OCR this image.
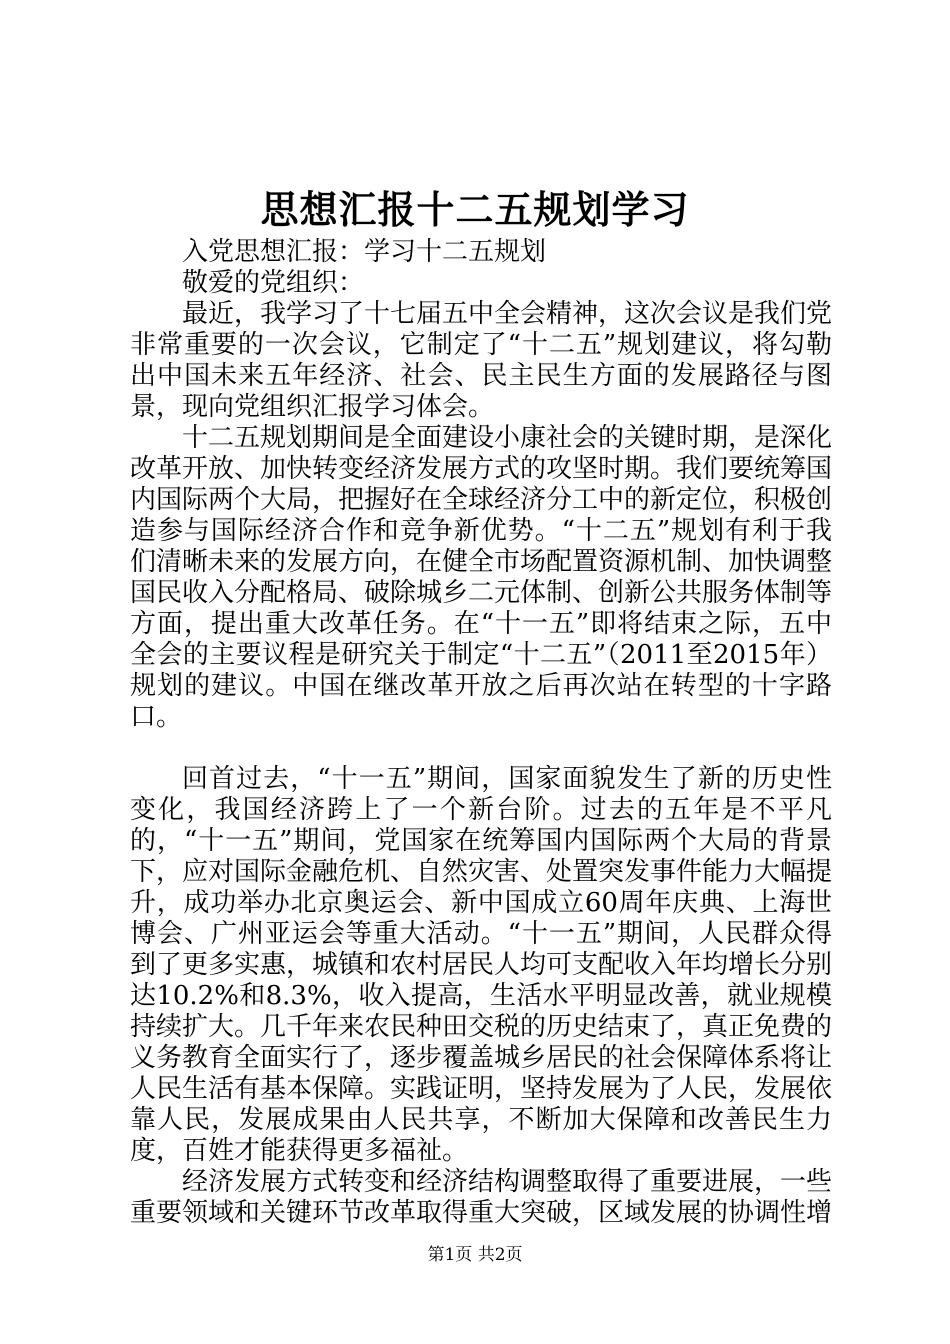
思想汇报十二五规划学习

入党思想汇报：学习十二五规划

敬爱的党组织：

最近，我学习了十七届五中全会精神，这次会议是我们党非常重要的一次会议，它制定了“十二五”规划建议，将勾勒出中国未来五年经济、社会、民主民生方面的发展路径与图景，现向党组织汇报学习体会。

十二五规划期间是全面建设小康社会的关键时期，是深化改革开放、加快转变经济发展方式的攻坚时期。我们要统筹国内国际两个大局，把握好在全球经济分工中的新定位，积极创造参与国际经济合作和竞争新优势。“十二五”规划有利于我们清晰未来的发展方向，在健全市场配置资源机制、加快调整国民收入分配格局、破除城乡二元体制、创新公共服务体制等方面，提出重大改革任务。在“十一五”即将结束之际，五中全会的主要议程是研究关于制定“十二五”（2011至2015年）规划的建议。中国在继改革开放之后再次站在转型的十字路口。

回首过去，“十一五”期间，国家面貌发生了新的历史性变化，我国经济跨上了一个新台阶。过去的五年是不平凡的，“十一五”期间，党国家在统筹国内国际两个大局的背景下，应对国际金融危机、自然灾害、处置突发事件能力大幅提升，成功举办北京奥运会、新中国成立60周年庆典、上海世博会、广州亚运会等重大活动。“十一五”期间，人民群众得到了更多实惠，城镇和农村居民人均可支配收入年均增长分别达10.2%和8.3%，收入提高，生活水平明显改善，就业规模持续扩大。几千年来农民种田交税的历史结束了，真正免费的义务教育全面实行了，逐步覆盖城乡居民的社会保障体系将让人民生活有基本保障。实践证明，坚持发展为了人民，发展依靠人民，发展成果由人民共享，不断加大保障和改善民生力度，百姓才能获得更多福祉。

经济发展方式转变和经济结构调整取得了重要进展，一些重要领域和关键环节改革取得重大突破，区域发展的协调性增

第1页 共2页
